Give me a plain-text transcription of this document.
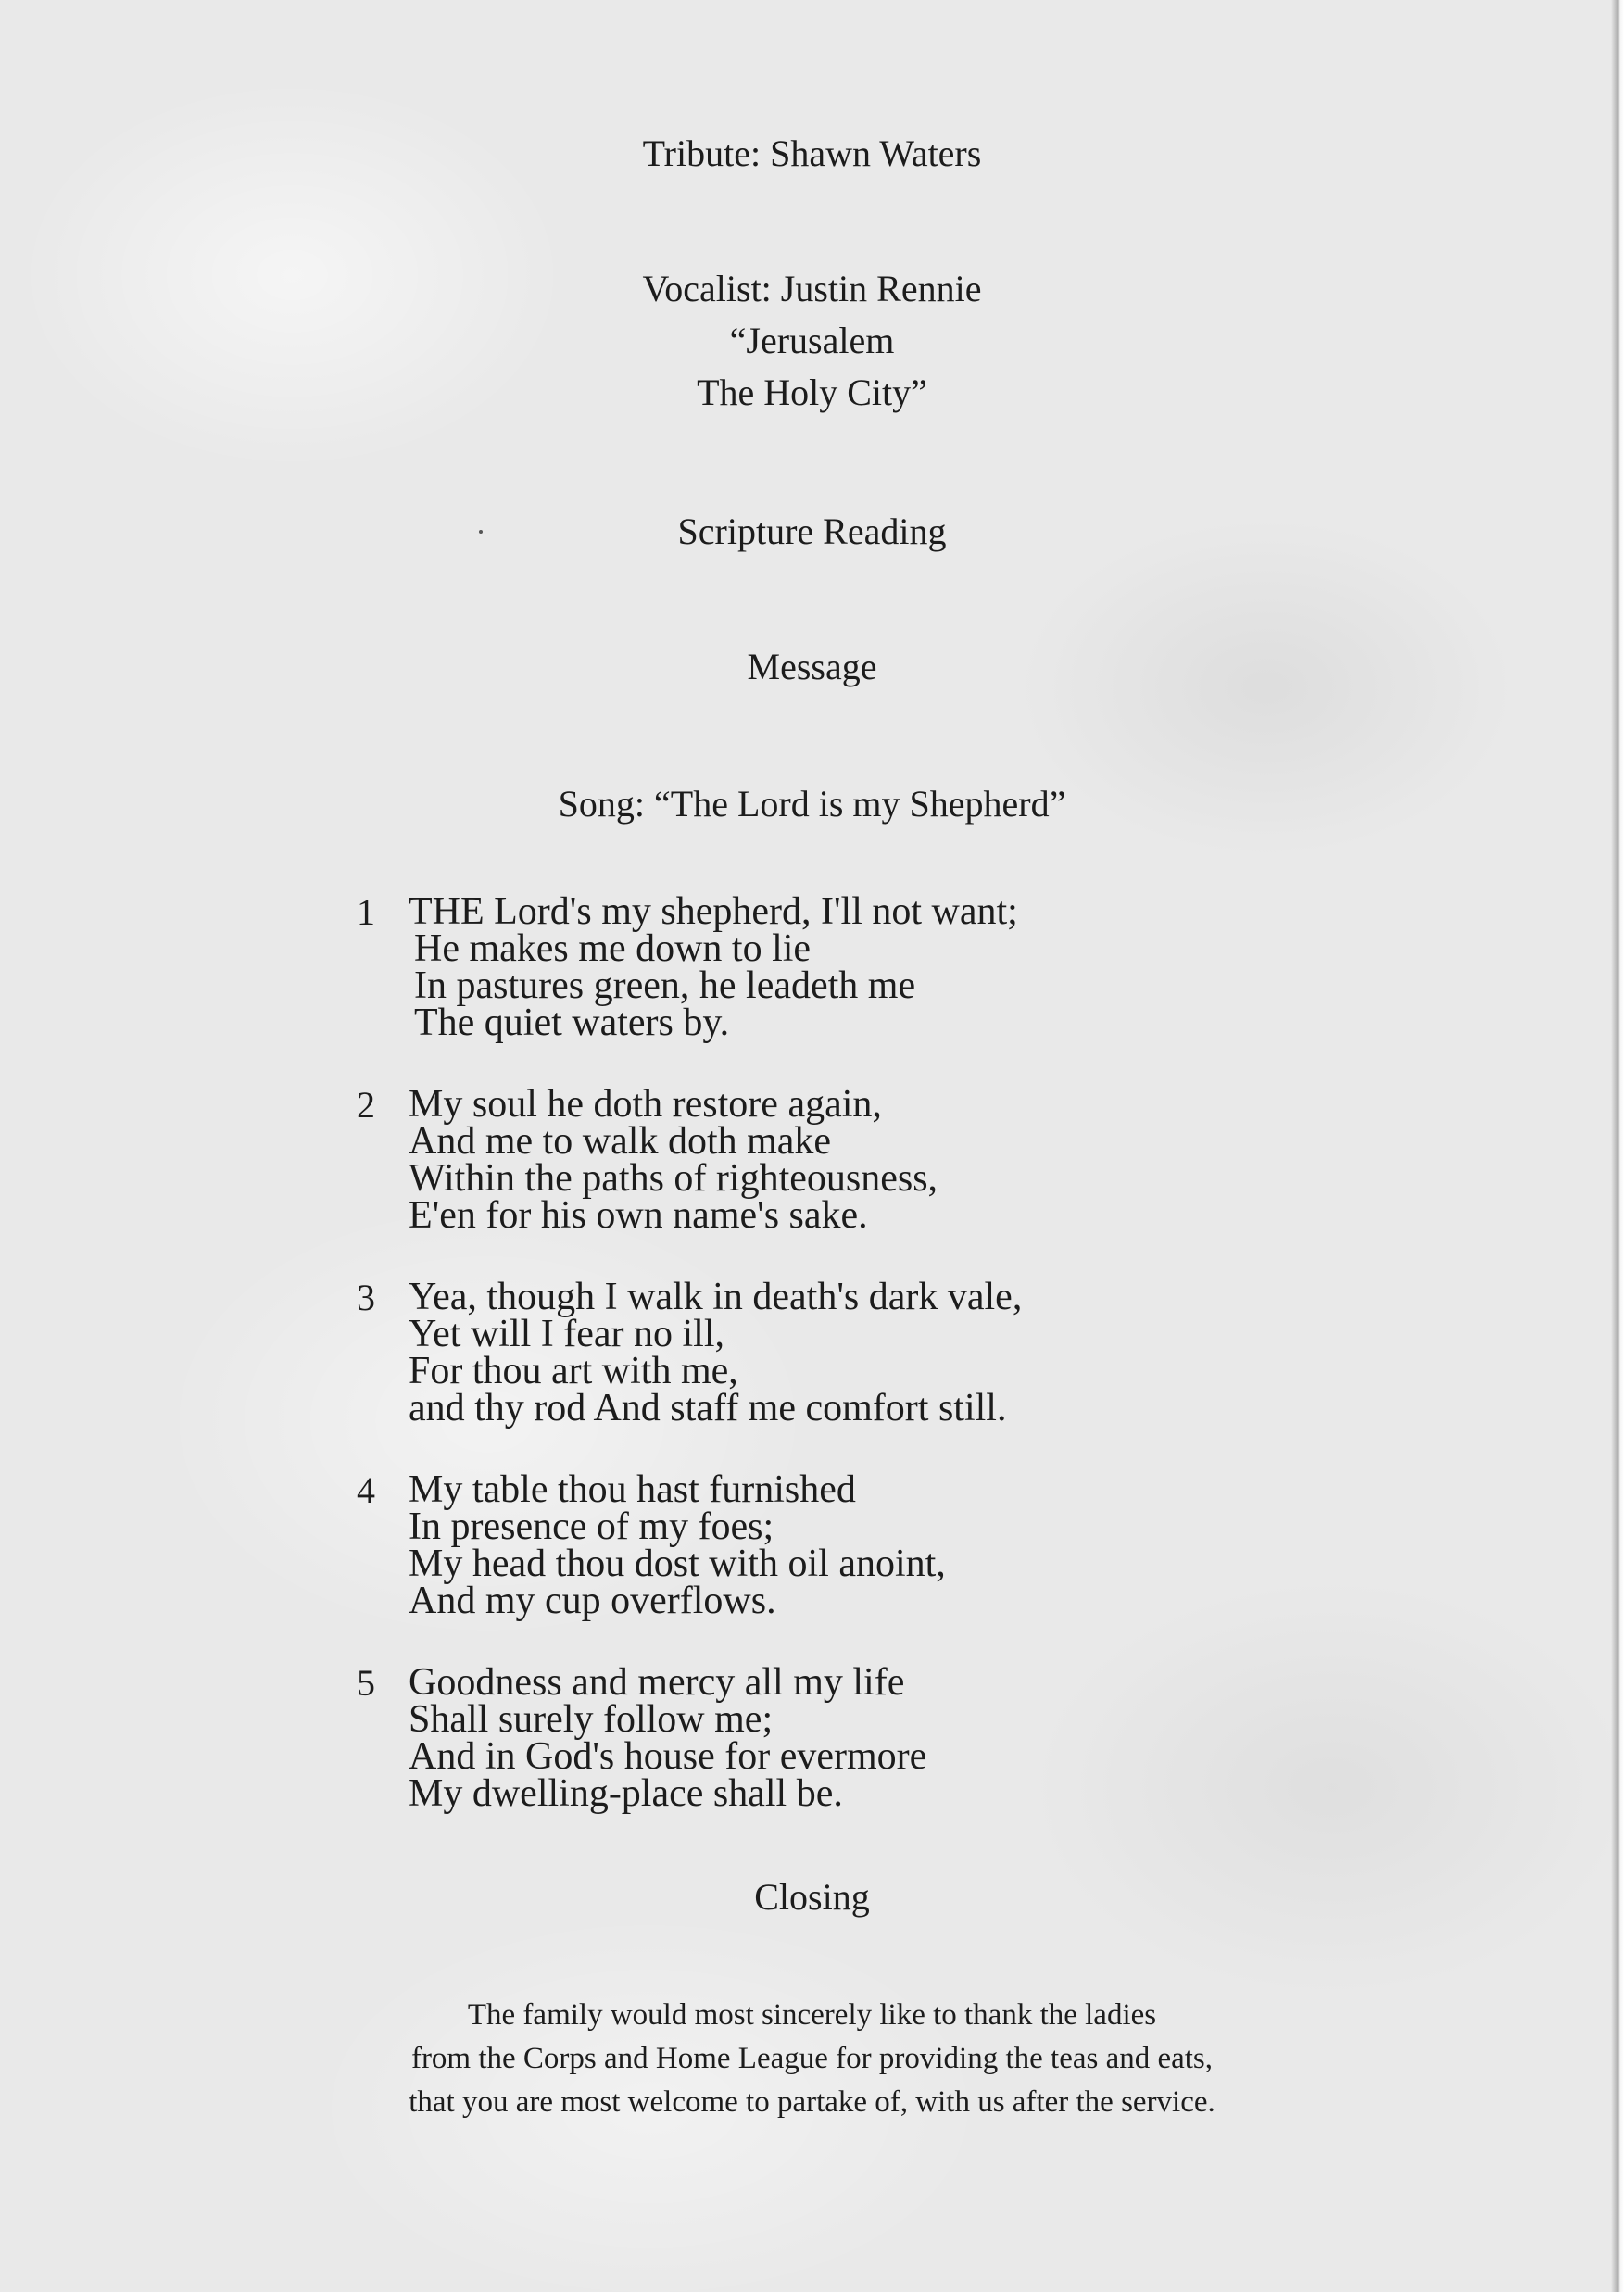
Tribute: Shawn Waters
Vocalist: Justin Rennie
“Jerusalem
The Holy City”
Scripture Reading
Message
Song: “The Lord is my Shepherd”
1 THE Lord's my shepherd, I'll not want;
He makes me down to lie
In pastures green, he leadeth me
The quiet waters by.
2 My soul he doth restore again,
And me to walk doth make
Within the paths of righteousness,
E'en for his own name's sake.
3 Yea, though I walk in death's dark vale,
Yet will I fear no ill,
For thou art with me,
and thy rod And staff me comfort still.
4 My table thou hast furnished
In presence of my foes;
My head thou dost with oil anoint,
And my cup overflows.
5 Goodness and mercy all my life
Shall surely follow me;
And in God's house for evermore
My dwelling-place shall be.
Closing
The family would most sincerely like to thank the ladies
from the Corps and Home League for providing the teas and eats,
that you are most welcome to partake of, with us after the service.
